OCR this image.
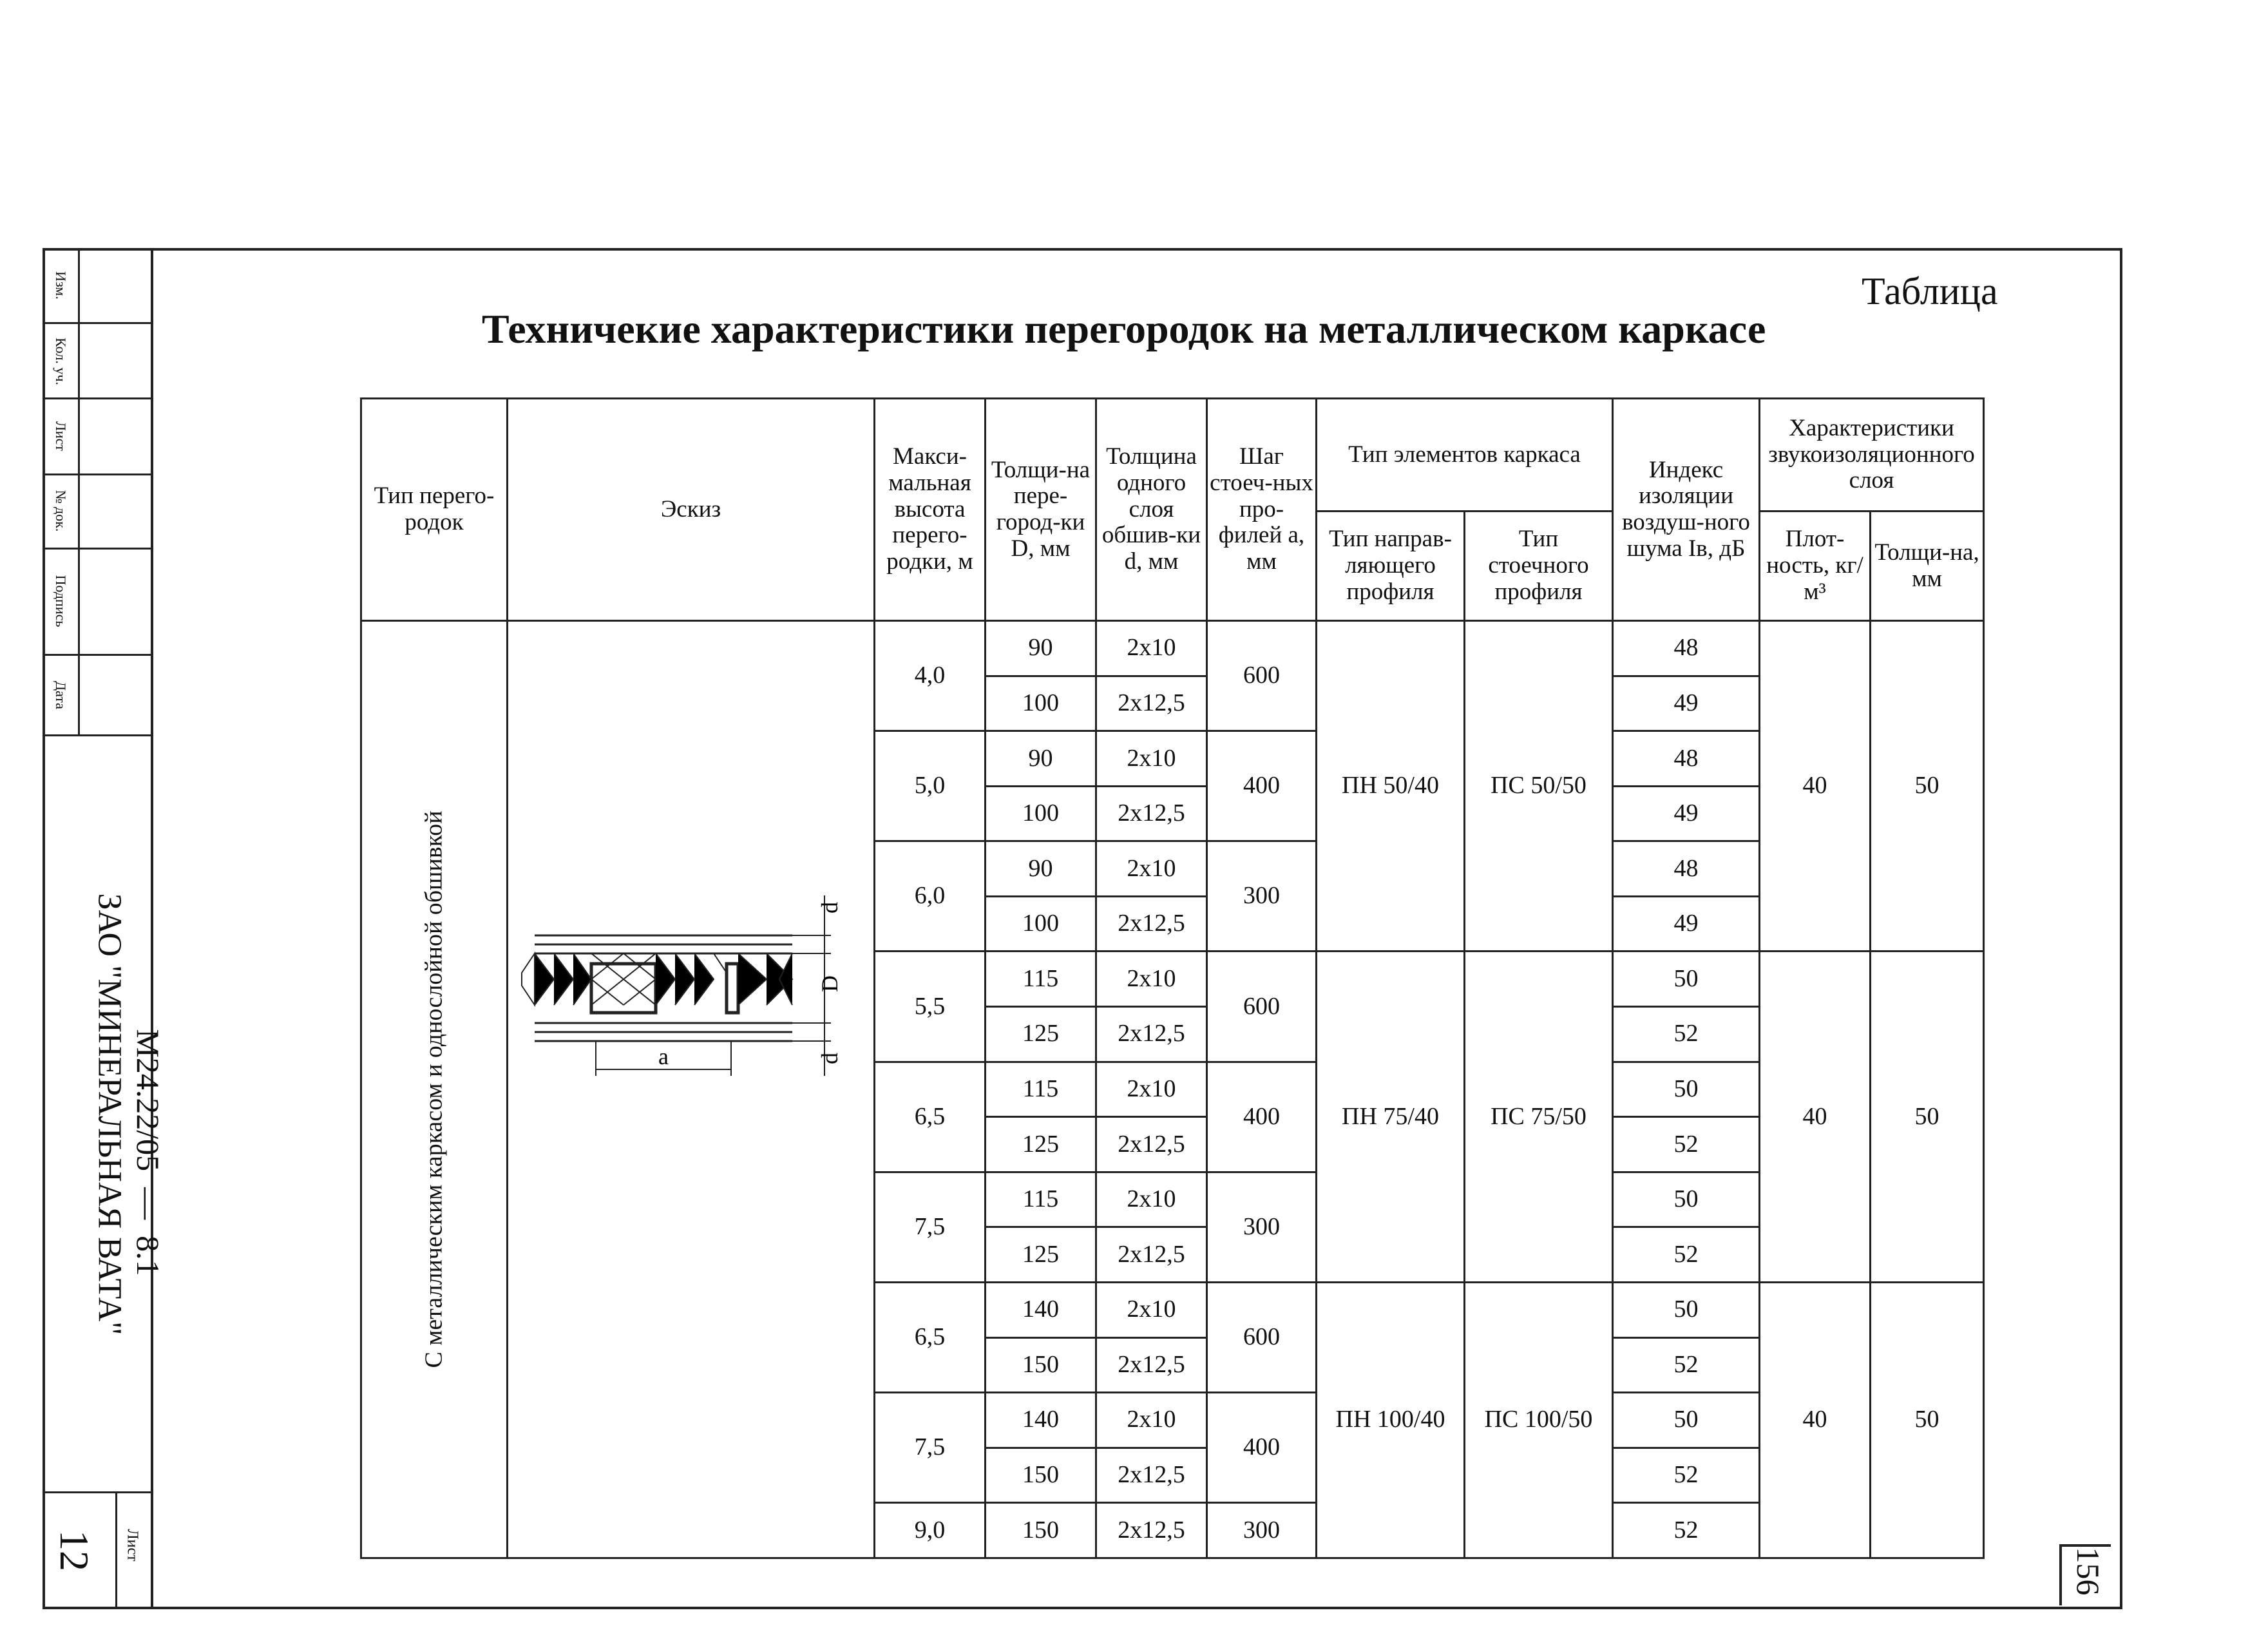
Изм.
Кол. уч.
Лист
№ док.
Подпись
Дата
ЗАО "МИНЕРАЛЬНАЯ ВАТА" М24.22/05  —  8.1
Лист
12	156
Таблица
Техничекие характеристики перегородок на металлическом каркасе
Тип перего-родок	Эскиз	Макси-мальная высота перего-родки, м	Толщи-на пере-город-ки D, мм	Толщина одного слоя обшив-ки d, мм	Шаг стоеч-ных про-филей а, мм	Тип элементов каркаса		Индекс изоляции воздуш-ного шума Iв, дБ	Характеристики звукоизоляционного слоя	
						Тип направ-ляющего профиля	Тип стоечного профиля		Плот-ность, кг/м³	Толщи-на, мм

С металлическим каркасом и однослойной обшивкой		4,0	90	2x10	600	ПН 50/40	ПС 50/50	48	40	50
			100	2x12,5				49		
		5,0	90	2x10	400			48		
			100	2x12,5				49		
		6,0	90	2x10	300			48		
			100	2x12,5				49		
		5,5	115	2x10	600	ПН 75/40	ПС 75/50	50	40	50
			125	2x12,5				52		
		6,5	115	2x10	400			50		
			125	2x12,5				52		
		7,5	115	2x10	300			50		
			125	2x12,5				52		
		6,5	140	2x10	600	ПН 100/40	ПС 100/50	50	40	50
			150	2x12,5				52		
		7,5	140	2x10	400			50		
			150	2x12,5				52		
		9,0	150	2x12,5	300			52		
d
D
d
a
